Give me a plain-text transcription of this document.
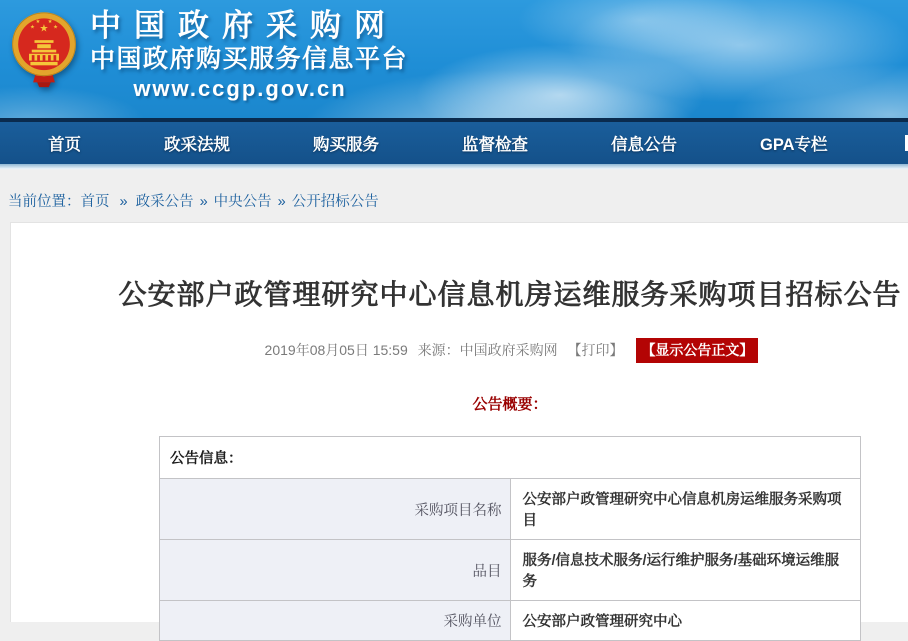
★
★
★ ★
★ 中国政府采购网
中国政府购买服务信息平台
www.ccgp.gov.cn
首页	政采法规	购买服务	监督检查	信息公告	GPA专栏
当前位置：首页 » 政采公告 » 中央公告 » 公开招标公告
公安部户政管理研究中心信息机房运维服务采购项目招标公告
2019年08月05日 15:59 来源：中国政府采购网 【打印】 【显示公告正文】
公告概要：
公告信息：	
采购项目名称	公安部户政管理研究中心信息机房运维服务采购项目
品目	服务/信息技术服务/运行维护服务/基础环境运维服务
采购单位	公安部户政管理研究中心
